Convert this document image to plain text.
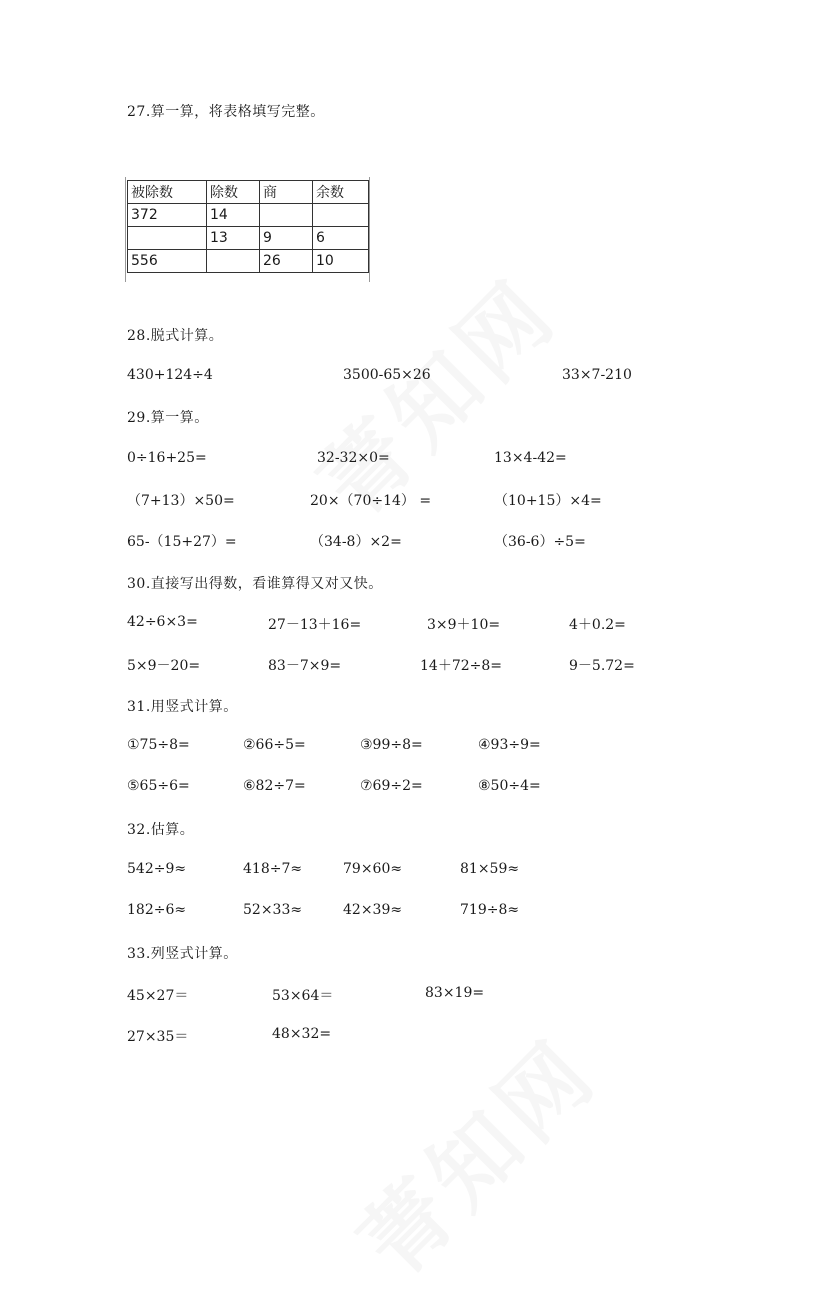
27.算一算，将表格填写完整。
被除数	除数	商	余数
372	14		
	13	9	6
556		26	10
28.脱式计算。
430+124÷4	3500-65×26	33×7-210
29.算一算。
0÷16+25=	32-32×0=	13×4-42=
（7+13）×50=	20×（70÷14） =	（10+15）×4=
65-（15+27）=	（34-8）×2=	（36-6）÷5=
30.直接写出得数，看谁算得又对又快。
42÷6×3=	27－13＋16=	3×9＋10=	4＋0.2=
5×9－20=	83－7×9=	14＋72÷8=	9－5.72=
31.用竖式计算。
①75÷8=	②66÷5=	③99÷8=	④93÷9=
⑤65÷6=	⑥82÷7=	⑦69÷2=	⑧50÷4=
32.估算。
542÷9≈	418÷7≈	79×60≈	81×59≈
182÷6≈	52×33≈	42×39≈	719÷8≈
33.列竖式计算。
45×27＝	53×64＝	83×19=
27×35＝	48×32=
